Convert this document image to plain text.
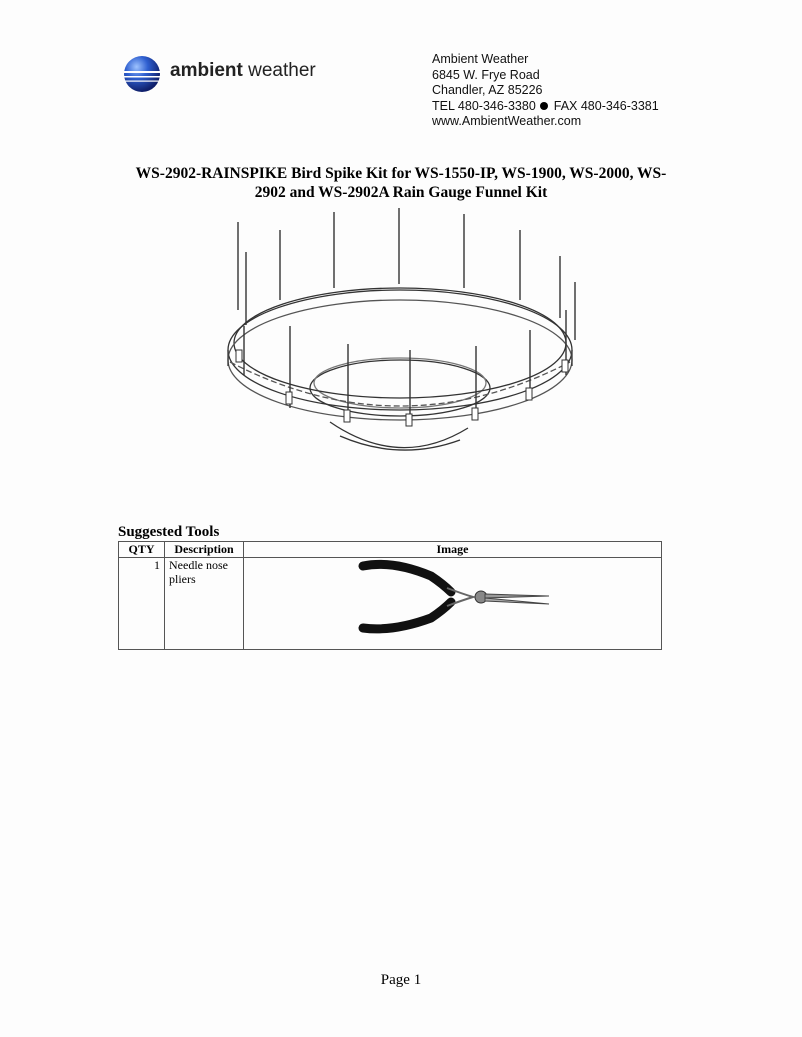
ambient weather
Ambient Weather
6845 W. Frye Road
Chandler, AZ 85226
TEL 480-346-3380 FAX 480-346-3381
www.AmbientWeather.com
WS-2902-RAINSPIKE Bird Spike Kit for WS-1550-IP, WS-1900, WS-2000, WS-
2902 and WS-2902A Rain Gauge Funnel Kit
Suggested Tools
QTY	Description	Image
1	Needle nose pliers	
Page 1
